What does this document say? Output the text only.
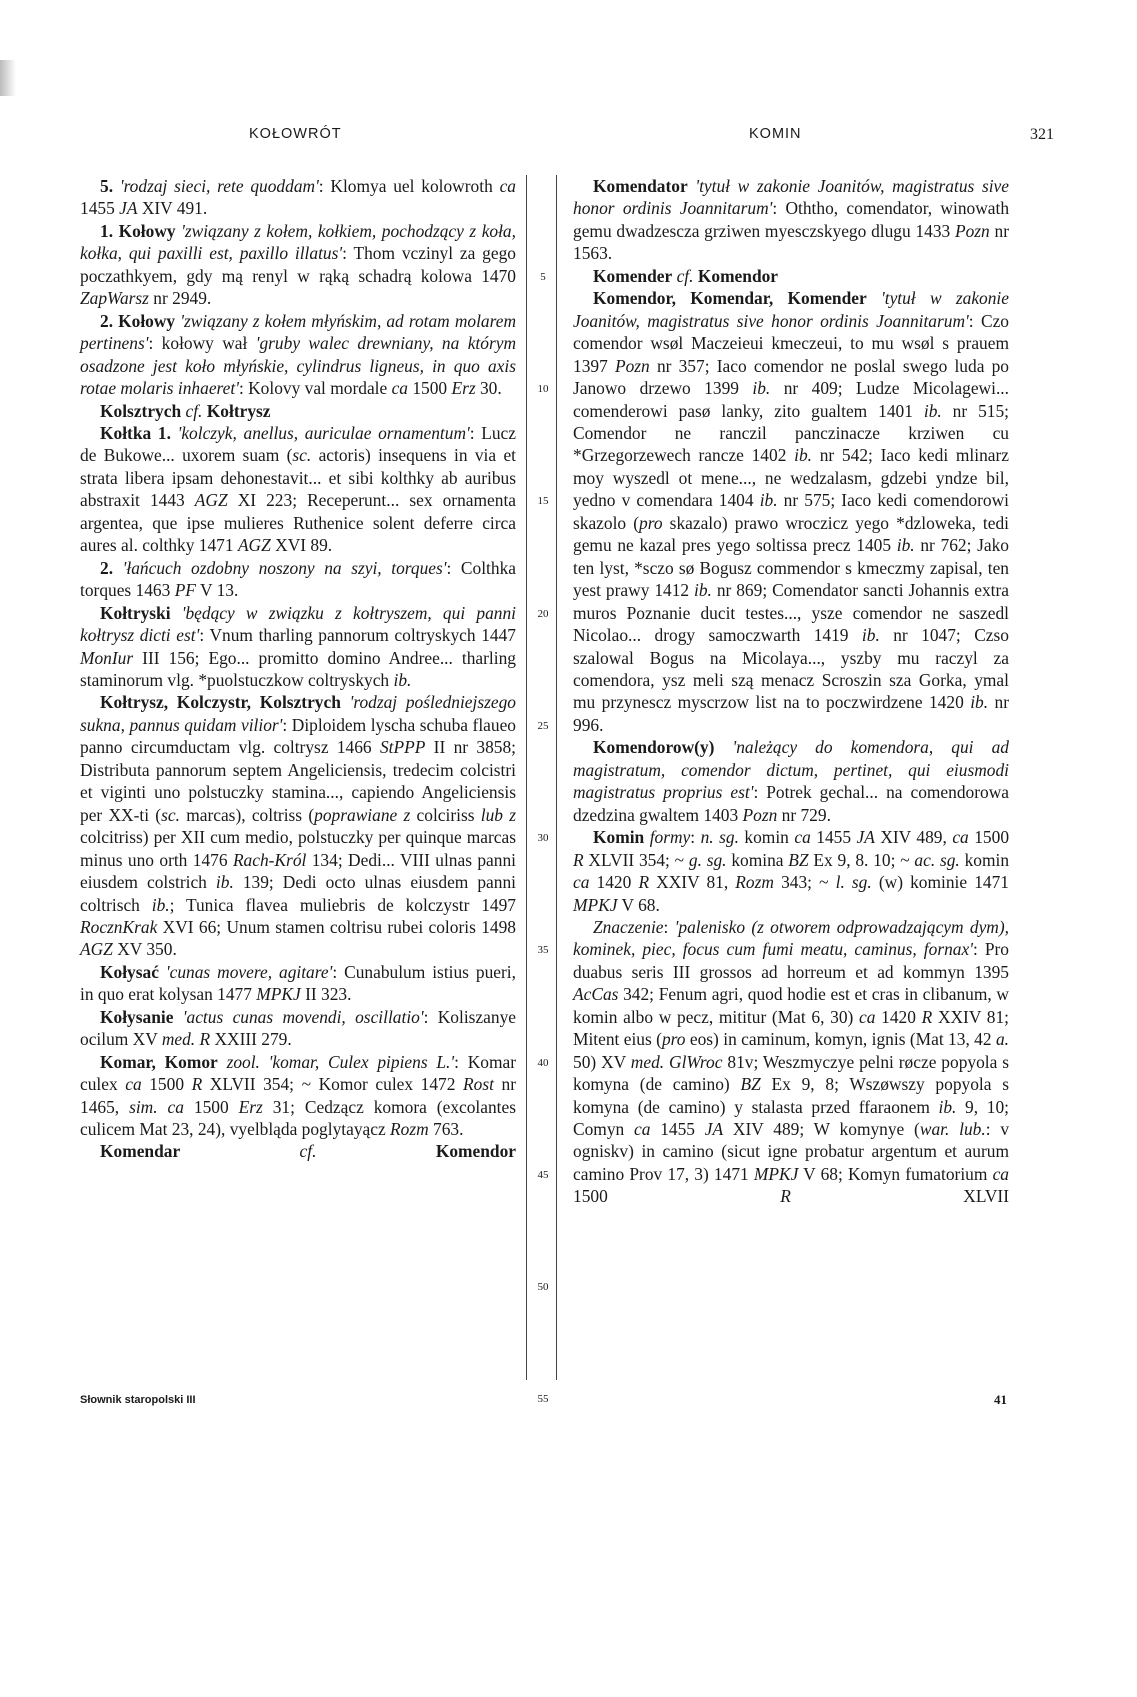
KOŁOWRÓT	KOMIN	321

5. 'rodzaj sieci, rete quoddam': Klomya uel kolowroth ca 1455 JA XIV 491.

1. Kołowy 'związany z kołem, kołkiem, pochodzący z koła, kołka, qui paxilli est, paxillo illatus': Thom vczinyl za gego poczathkyem, gdy mą renyl w rąką schadrą kolowa 1470 ZapWarsz nr 2949.

2. Kołowy 'związany z kołem młyńskim, ad rotam molarem pertinens': kołowy wał 'gruby walec drewniany, na którym osadzone jest koło młyńskie, cylindrus ligneus, in quo axis rotae molaris inhaeret': Kolovy val mordale ca 1500 Erz 30.

Kolsztrych cf. Kołtrysz

Kołtka 1. 'kolczyk, anellus, auriculae ornamentum': Lucz de Bukowe... uxorem suam (sc. actoris) insequens in via et strata libera ipsam dehonestavit... et sibi kolthky ab auribus abstraxit 1443 AGZ XI 223; Receperunt... sex ornamenta argentea, que ipse mulieres Ruthenice solent deferre circa aures al. colthky 1471 AGZ XVI 89.

2. 'łańcuch ozdobny noszony na szyi, torques': Colthka torques 1463 PF V 13.

Kołtryski 'będący w związku z kołtryszem, qui panni kołtrysz dicti est': Vnum tharling pannorum coltryskych 1447 MonIur III 156; Ego... promitto domino Andree... tharling staminorum vlg. *puolstuczkow coltryskych ib.

Kołtrysz, Kolczystr, Kolsztrych 'rodzaj pośledniejszego sukna, pannus quidam vilior': Diploidem lyscha schuba flaueo panno circumductam vlg. coltrysz 1466 StPPP II nr 3858; Distributa pannorum septem Angeliciensis, tredecim colcistri et viginti uno polstuczky stamina..., capiendo Angeliciensis per XX-ti (sc. marcas), coltriss (poprawiane z colciriss lub z colcitriss) per XII cum medio, polstuczky per quinque marcas minus uno orth 1476 Rach-Król 134; Dedi... VIII ulnas panni eiusdem colstrich ib. 139; Dedi octo ulnas eiusdem panni coltrisch ib.; Tunica flavea muliebris de kolczystr 1497 RocznKrak XVI 66; Unum stamen coltrisu rubei coloris 1498 AGZ XV 350.

Kołysać 'cunas movere, agitare': Cunabulum istius pueri, in quo erat kolysan 1477 MPKJ II 323.

Kołysanie 'actus cunas movendi, oscillatio': Koliszanye ocilum XV med. R XXIII 279.

Komar, Komor zool. 'komar, Culex pipiens L.': Komar culex ca 1500 R XLVII 354; ~ Komor culex 1472 Rost nr 1465, sim. ca 1500 Erz 31; Cedzącz komora (excolantes culicem Mat 23, 24), vyelbląda poglytayącz Rozm 763.

Komendar	cf.	Komendor

5
10
15
20
25
30
35
40
45
50
55

Komendator 'tytuł w zakonie Joanitów, magistratus sive honor ordinis Joannitarum': Oththo, comendator, winowath gemu dwadzescza grziwen myesczskyego dlugu 1433 Pozn nr 1563.

Komender cf. Komendor

Komendor, Komendar, Komender 'tytuł w zakonie Joanitów, magistratus sive honor ordinis Joannitarum': Czo comendor wsøl Maczeieui kmeczeui, to mu wsøl s prauem 1397 Pozn nr 357; Iaco comendor ne poslal swego luda po Janowo drzewo 1399 ib. nr 409; Ludze Micolagewi... comenderowi pasø lanky, zito gualtem 1401 ib. nr 515; Comendor ne ranczil panczinacze krziwen cu *Grzegorzewech rancze 1402 ib. nr 542; Iaco kedi mlinarz moy wyszedl ot mene..., ne wedzalasm, gdzebi yndze bil, yedno v comendara 1404 ib. nr 575; Iaco kedi comendorowi skazolo (pro skazalo) prawo wroczicz yego *dzloweka, tedi gemu ne kazal pres yego soltissa precz 1405 ib. nr 762; Jako ten lyst, *sczo sø Bogusz commendor s kmeczmy zapisal, ten yest prawy 1412 ib. nr 869; Comendator sancti Johannis extra muros Poznanie ducit testes..., ysze comendor ne saszedl Nicolao... drogy samoczwarth 1419 ib. nr 1047; Czso szalowal Bogus na Micolaya..., yszby mu raczyl za comendora, ysz meli szą menacz Scroszin sza Gorka, ymal mu przynescz myscrzow list na to poczwirdzene 1420 ib. nr 996.

Komendorow(y) 'należący do komendora, qui ad magistratum, comendor dictum, pertinet, qui eiusmodi magistratus proprius est': Potrek gechal... na comendorowa dzedzina gwaltem 1403 Pozn nr 729.

Komin formy: n. sg. komin ca 1455 JA XIV 489, ca 1500 R XLVII 354; ~ g. sg. komina BZ Ex 9, 8. 10; ~ ac. sg. komin ca 1420 R XXIV 81, Rozm 343; ~ l. sg. (w) kominie 1471 MPKJ V 68.

Znaczenie: 'palenisko (z otworem odprowadzającym dym), kominek, piec, focus cum fumi meatu, caminus, fornax': Pro duabus seris III grossos ad horreum et ad kommyn 1395 AcCas 342; Fenum agri, quod hodie est et cras in clibanum, w komin albo w pecz, mititur (Mat 6, 30) ca 1420 R XXIV 81; Mitent eius (pro eos) in caminum, komyn, ignis (Mat 13, 42 a. 50) XV med. GlWroc 81v; Weszmyczye pelni røcze popyola s komyna (de camino) BZ Ex 9, 8; Wszøwszy popyola s komyna (de camino) y stalasta przed ffaraonem ib. 9, 10; Comyn ca 1455 JA XIV 489; W komynye (war. lub.: v ogniskv) in camino (sicut igne probatur argentum et aurum camino Prov 17, 3) 1471 MPKJ V 68; Komyn fumatorium ca 1500 R XLVII

Słownik staropolski III	41
